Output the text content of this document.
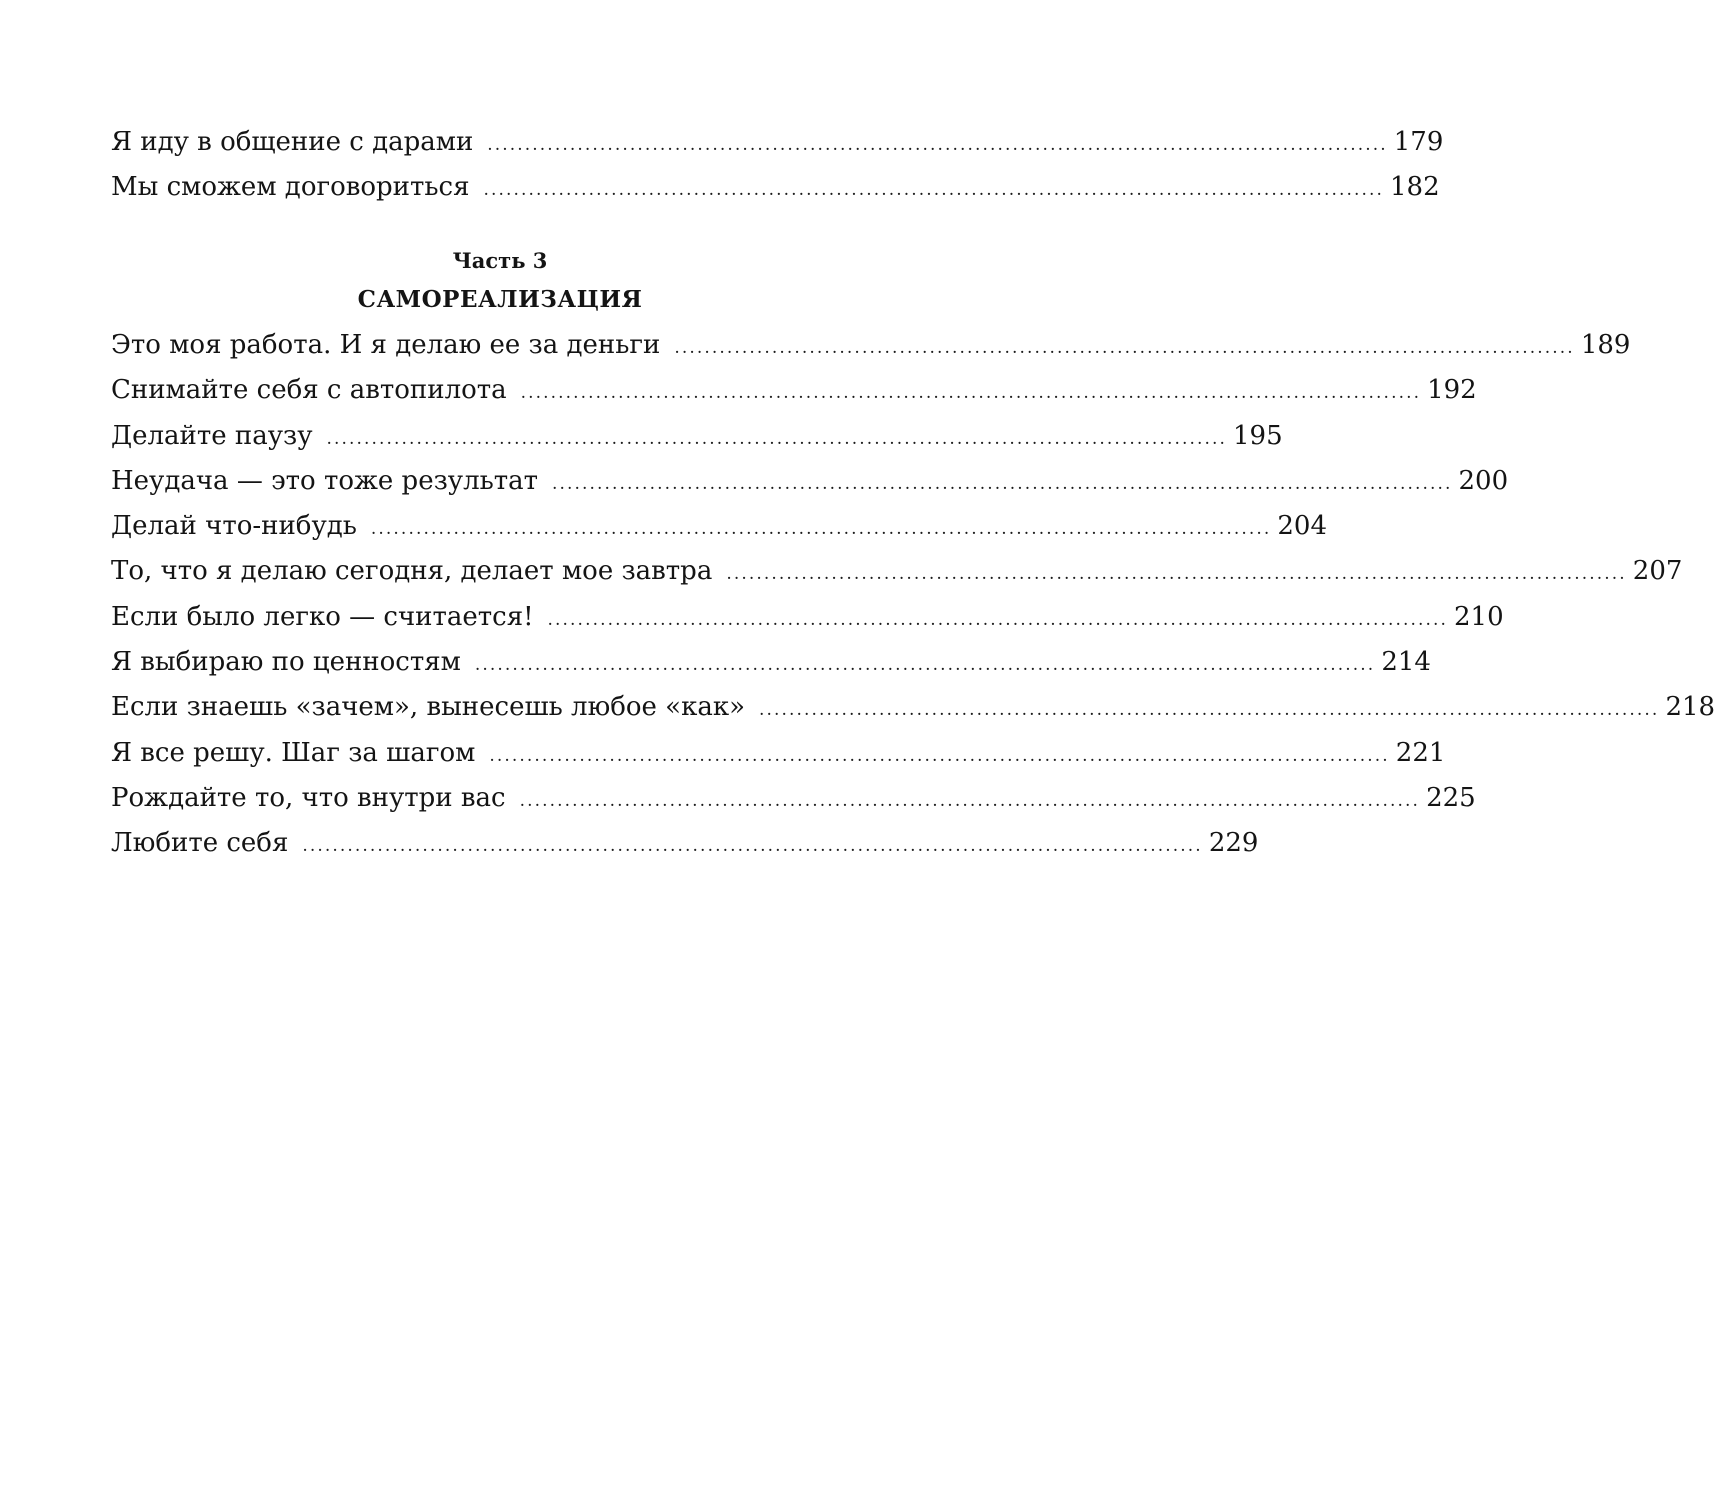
Я иду в общение с дарами ........................................................................................................................ 179
Мы сможем договориться ........................................................................................................................ 182
Часть 3
САМОРЕАЛИЗАЦИЯ
Это моя работа. И я делаю ее за деньги ........................................................................................................................ 189
Снимайте себя с автопилота ........................................................................................................................ 192
Делайте паузу ........................................................................................................................ 195
Неудача — это тоже результат ........................................................................................................................ 200
Делай что-нибудь ........................................................................................................................ 204
То, что я делаю сегодня, делает мое завтра ........................................................................................................................ 207
Если было легко — считается! ........................................................................................................................ 210
Я выбираю по ценностям ........................................................................................................................ 214
Если знаешь «зачем», вынесешь любое «как» ........................................................................................................................ 218
Я все решу. Шаг за шагом ........................................................................................................................ 221
Рождайте то, что внутри вас ........................................................................................................................ 225
Любите себя ........................................................................................................................ 229
